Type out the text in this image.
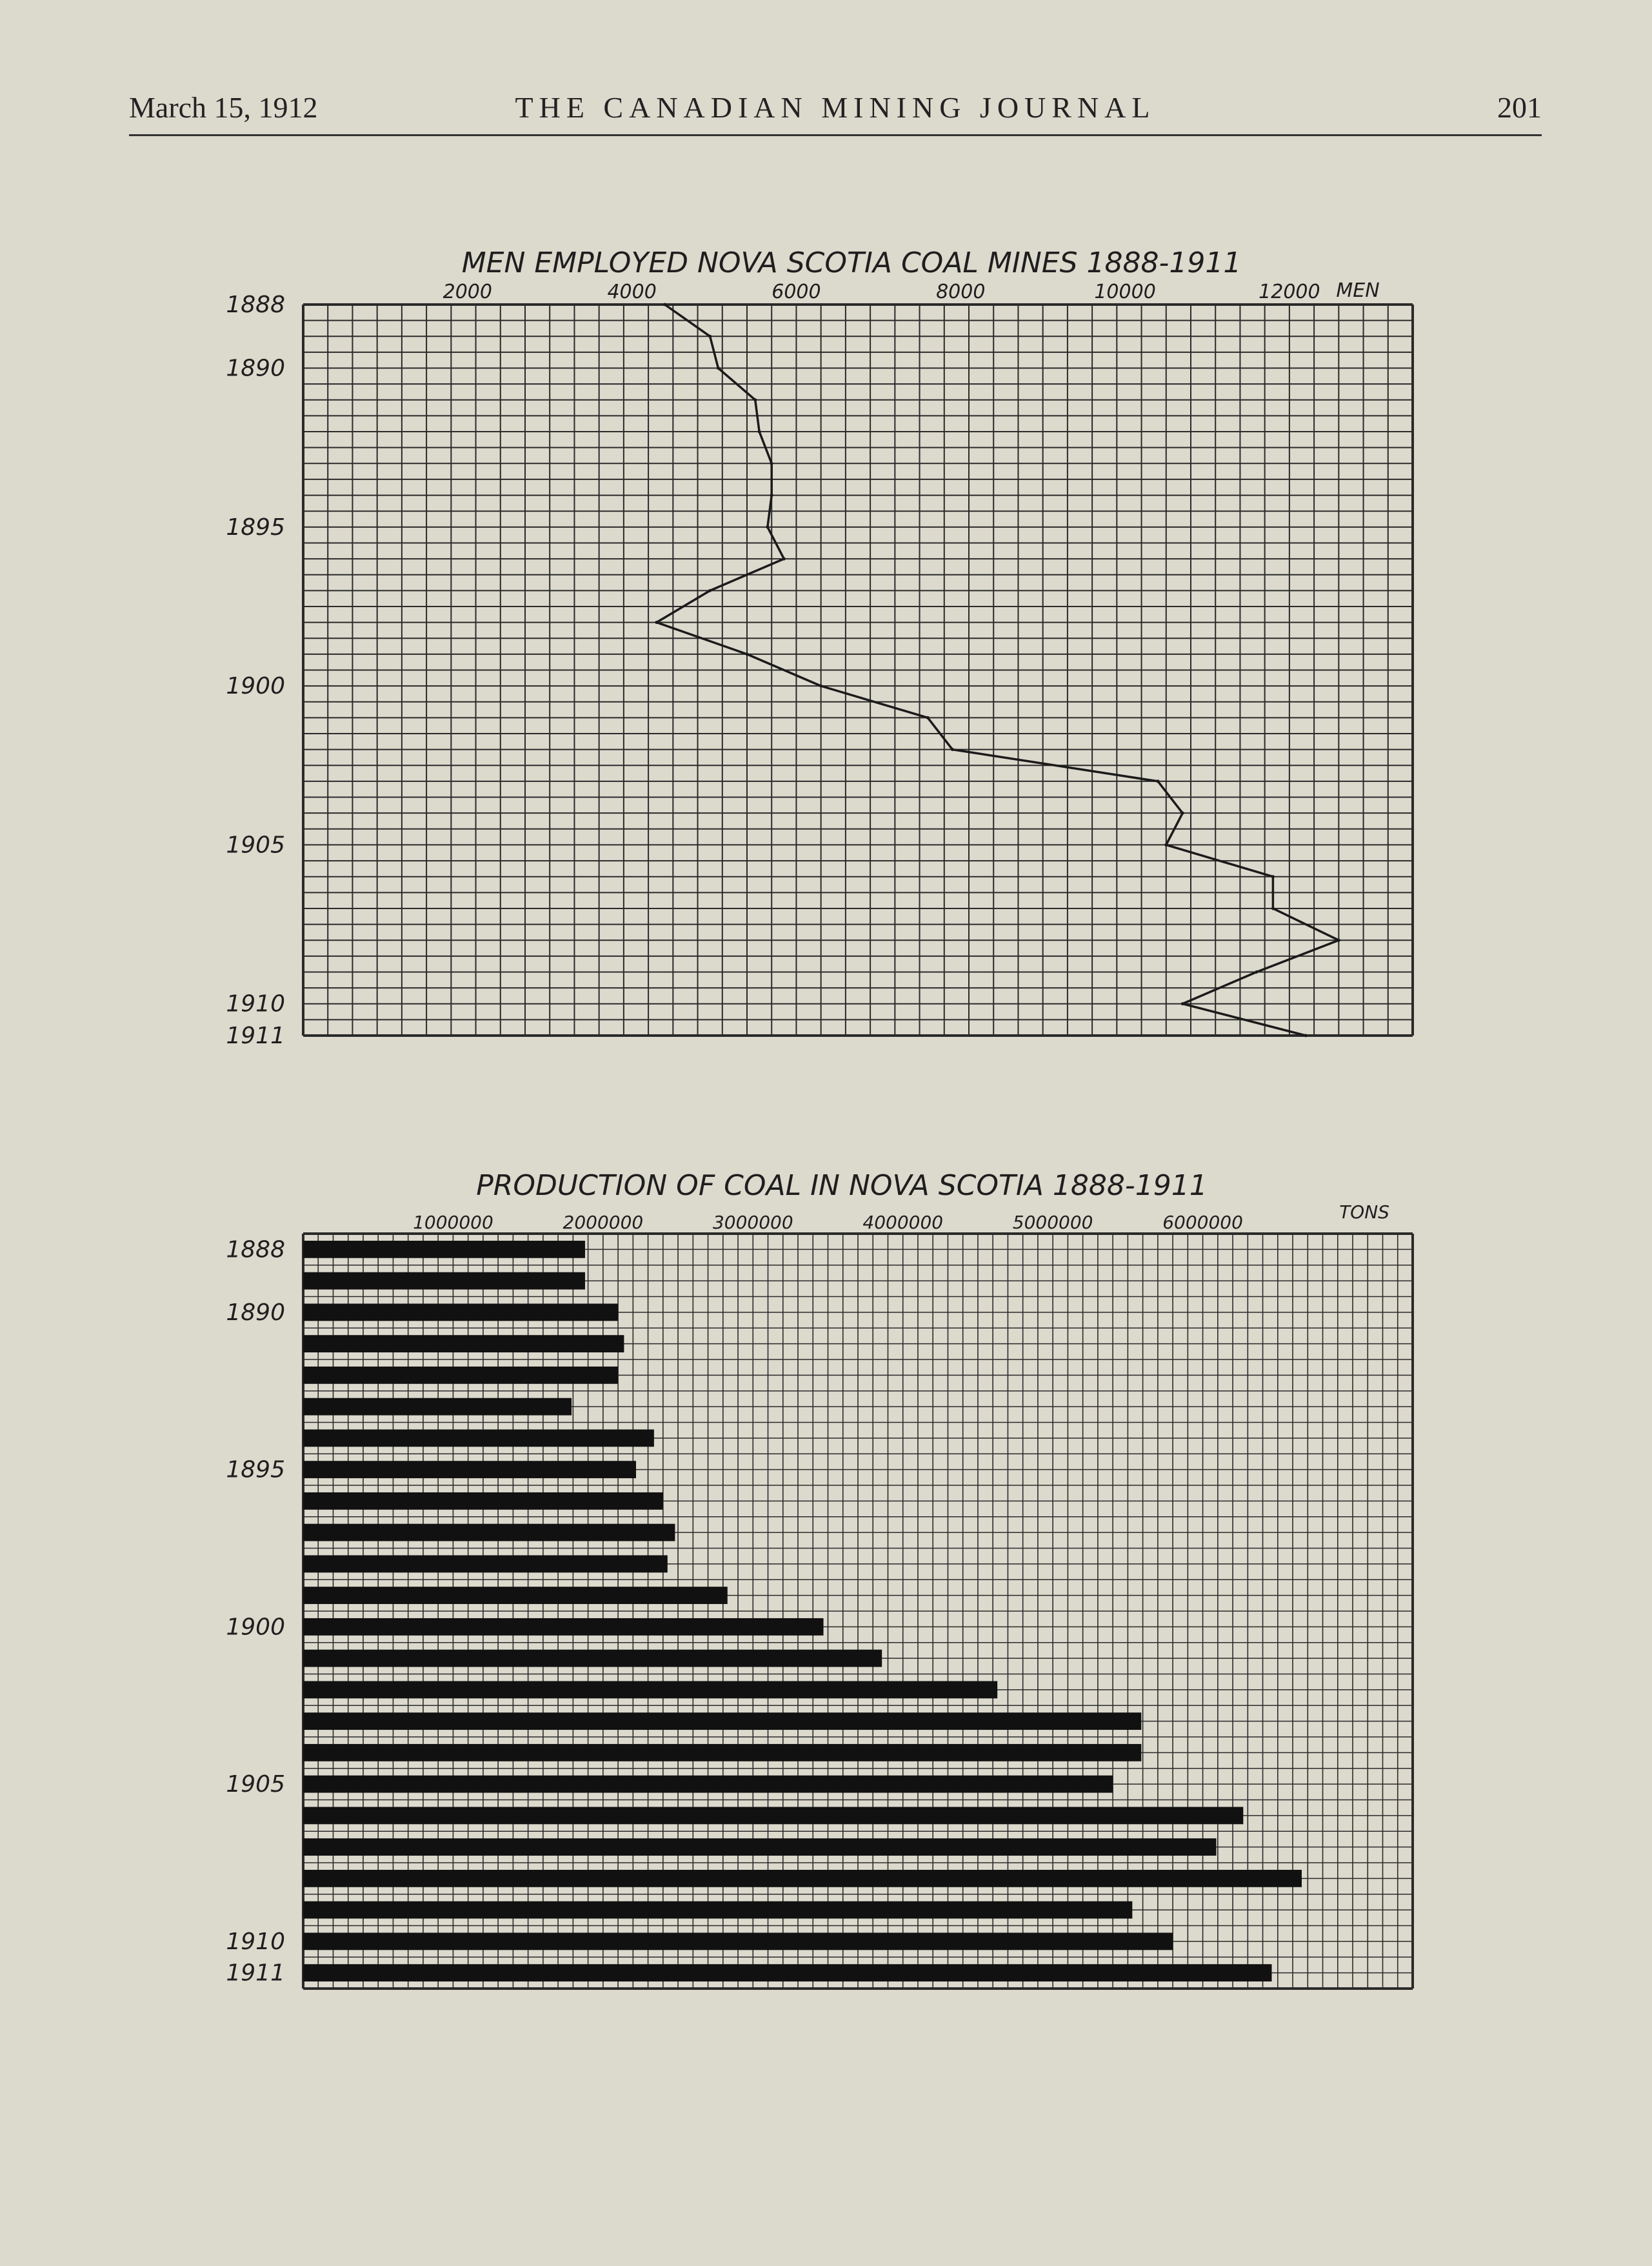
March 15, 1912	THE CANADIAN MINING JOURNAL	201
MEN EMPLOYED NOVA SCOTIA COAL MINES 1888-1911
MEN
2000	4000	6000	8000	10000	12000
1888
1890
1895
1900
1905
1910
1911
PRODUCTION OF COAL IN NOVA SCOTIA 1888-1911
TONS
1000000	2000000	3000000	4000000	5000000	6000000
1888
1890
1895
1900
1905
1910
1911
